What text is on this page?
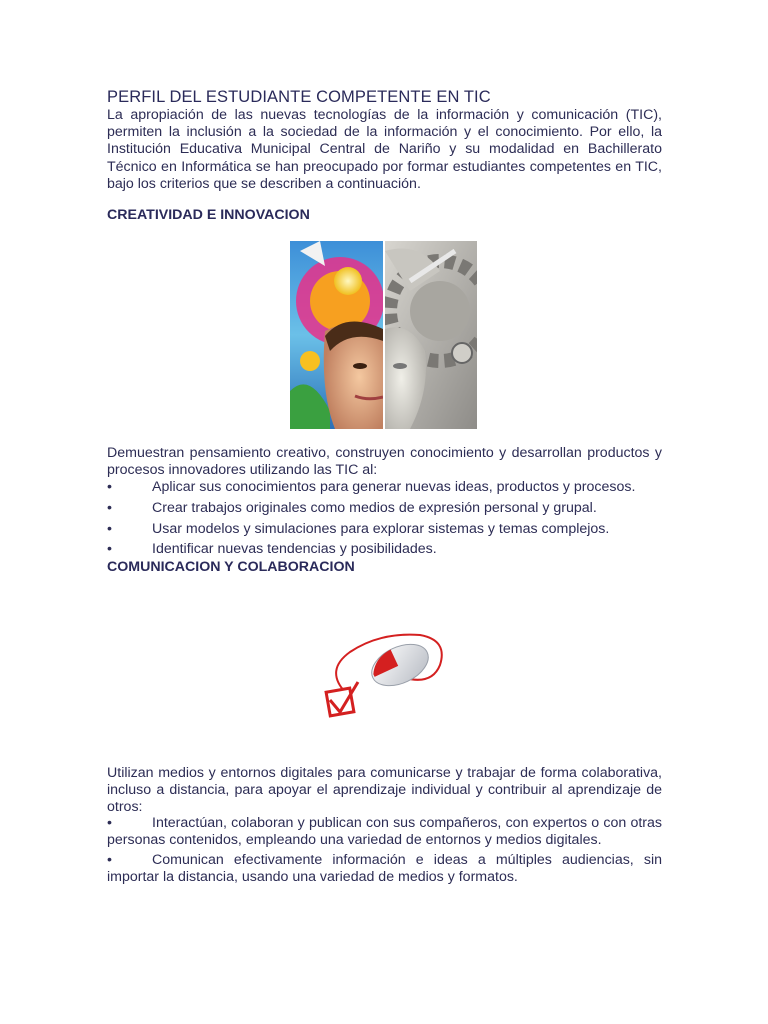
PERFIL DEL ESTUDIANTE COMPETENTE EN TIC

La apropiación de las nuevas tecnologías de la información y comunicación (TIC), permiten la inclusión a la sociedad de la información y el conocimiento. Por ello, la Institución Educativa Municipal Central de Nariño y su modalidad en Bachillerato Técnico en Informática se han preocupado por formar estudiantes competentes en TIC, bajo los criterios que se describen a continuación.

CREATIVIDAD E INNOVACION

Demuestran pensamiento creativo, construyen conocimiento y desarrollan productos y procesos innovadores utilizando las TIC al:

•	Aplicar sus conocimientos para generar nuevas ideas, productos y procesos.
•	Crear trabajos originales como medios de expresión personal y grupal.
•	Usar modelos y simulaciones para explorar sistemas y temas complejos.
•	Identificar nuevas tendencias y posibilidades.
COMUNICACION Y COLABORACION

Utilizan medios y entornos digitales para comunicarse y trabajar de forma colaborativa, incluso a distancia, para apoyar el aprendizaje individual y contribuir al aprendizaje de otros:

•	Interactúan, colaboran y publican con sus compañeros, con expertos o con otras personas contenidos, empleando una variedad de entornos y medios digitales.
•	Comunican efectivamente información e ideas a múltiples audiencias, sin importar la distancia, usando una variedad de medios y formatos.
